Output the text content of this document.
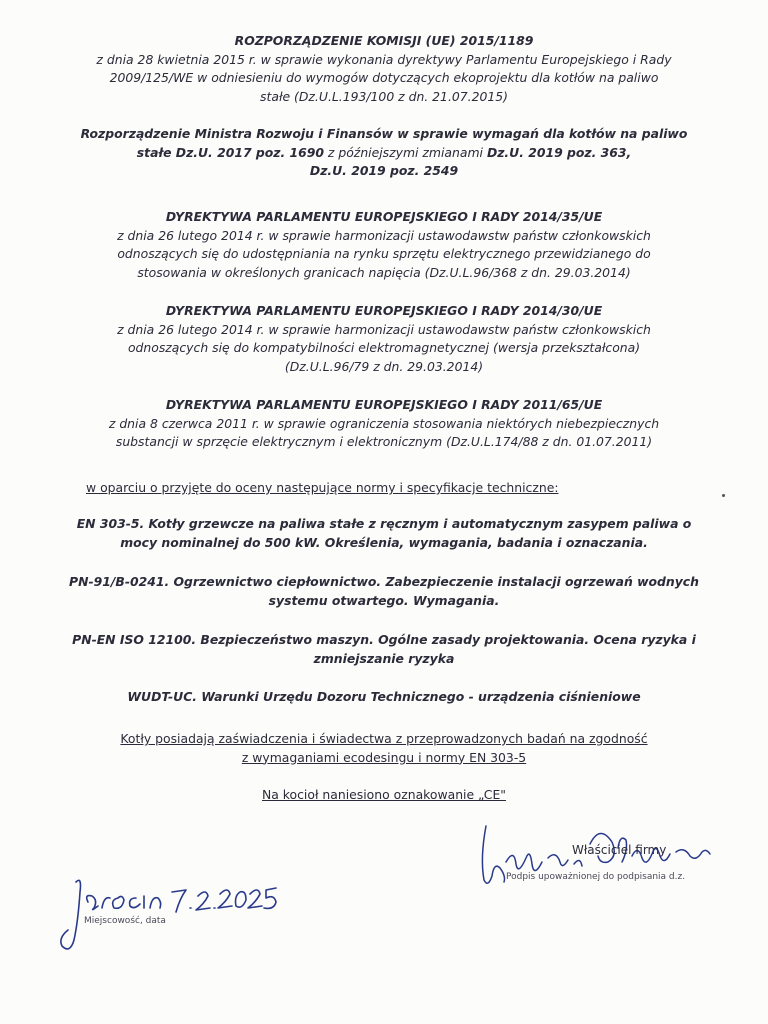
ROZPORZĄDZENIE KOMISJI (UE) 2015/1189
z dnia 28 kwietnia 2015 r. w sprawie wykonania dyrektywy Parlamentu Europejskiego i Rady
2009/125/WE w odniesieniu do wymogów dotyczących ekoprojektu dla kotłów na paliwo
stałe (Dz.U.L.193/100 z dn. 21.07.2015)
Rozporządzenie Ministra Rozwoju i Finansów w sprawie wymagań dla kotłów na paliwo
stałe Dz.U. 2017 poz. 1690 z późniejszymi zmianami Dz.U. 2019 poz. 363,
Dz.U. 2019 poz. 2549
DYREKTYWA PARLAMENTU EUROPEJSKIEGO I RADY 2014/35/UE
z dnia 26 lutego 2014 r. w sprawie harmonizacji ustawodawstw państw członkowskich
odnoszących się do udostępniania na rynku sprzętu elektrycznego przewidzianego do
stosowania w określonych granicach napięcia (Dz.U.L.96/368 z dn. 29.03.2014)
DYREKTYWA PARLAMENTU EUROPEJSKIEGO I RADY 2014/30/UE
z dnia 26 lutego 2014 r. w sprawie harmonizacji ustawodawstw państw członkowskich
odnoszących się do kompatybilności elektromagnetycznej (wersja przekształcona)
(Dz.U.L.96/79 z dn. 29.03.2014)
DYREKTYWA PARLAMENTU EUROPEJSKIEGO I RADY 2011/65/UE
z dnia 8 czerwca 2011 r. w sprawie ograniczenia stosowania niektórych niebezpiecznych
substancji w sprzęcie elektrycznym i elektronicznym (Dz.U.L.174/88 z dn. 01.07.2011)
w oparciu o przyjęte do oceny następujące normy i specyfikacje techniczne:
EN 303-5. Kotły grzewcze na paliwa stałe z ręcznym i automatycznym zasypem paliwa o
mocy nominalnej do 500 kW. Określenia, wymagania, badania i oznaczania.
PN-91/B-0241. Ogrzewnictwo ciepłownictwo. Zabezpieczenie instalacji ogrzewań wodnych
systemu otwartego. Wymagania.
PN-EN ISO 12100. Bezpieczeństwo maszyn. Ogólne zasady projektowania. Ocena ryzyka i
zmniejszanie ryzyka
WUDT-UC. Warunki Urzędu Dozoru Technicznego - urządzenia ciśnieniowe
Kotły posiadają zaświadczenia i świadectwa z przeprowadzonych badań na zgodność
z wymaganiami ecodesingu i normy EN 303-5
Na kocioł naniesiono oznakowanie „CE"
Miejscowość, data
Właściciel firmy
Podpis upoważnionej do podpisania d.z.
